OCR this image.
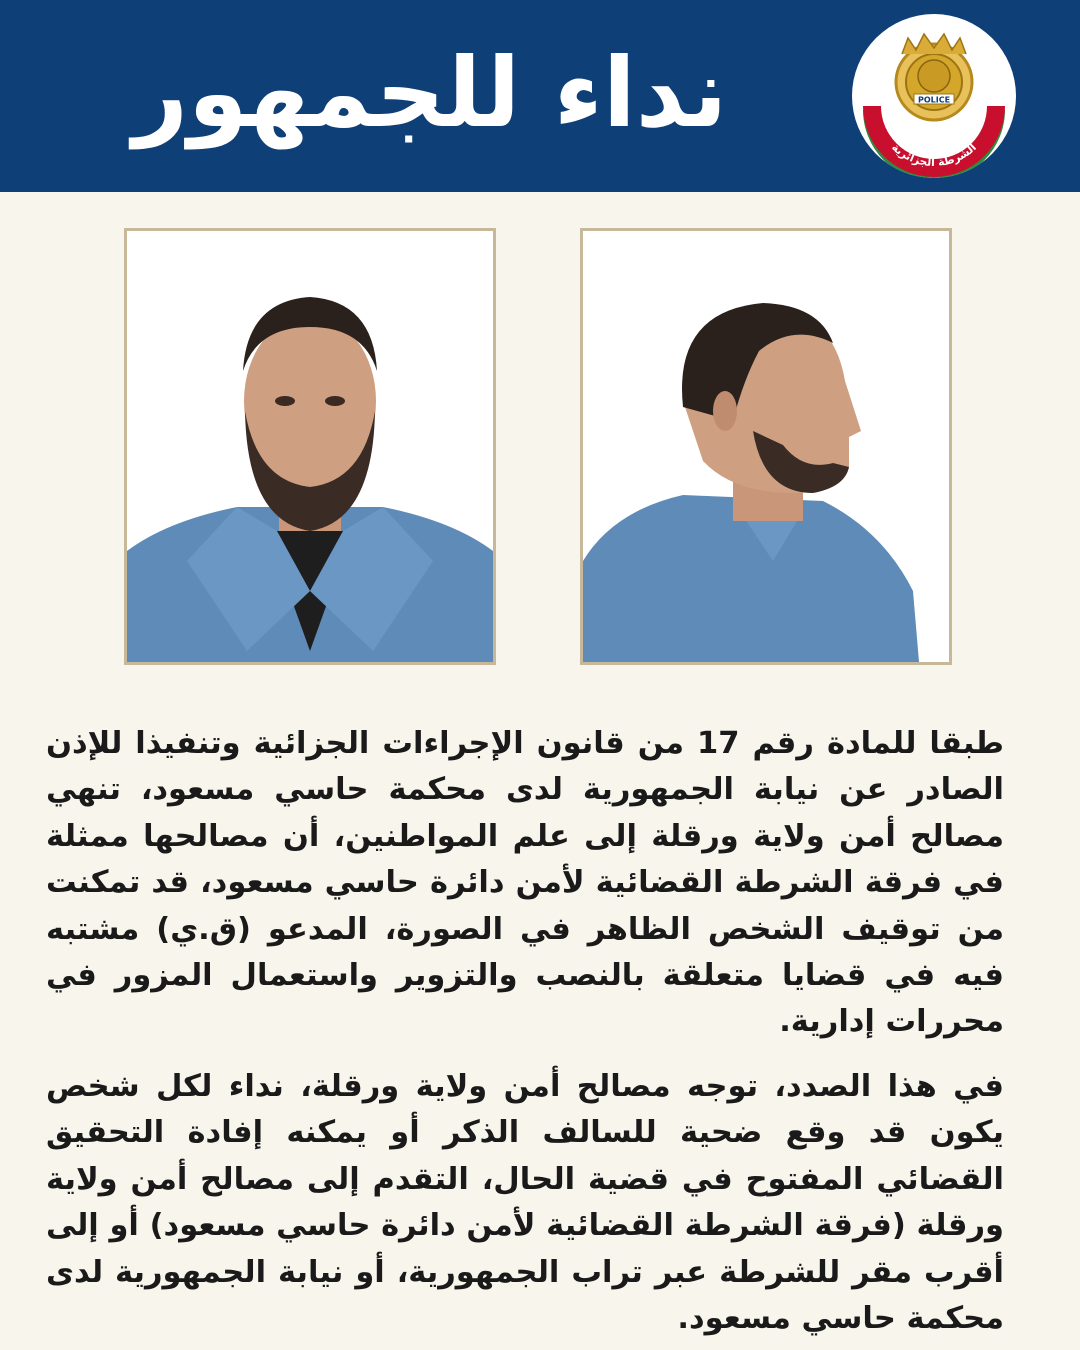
نداء للجمهور	الشرطة الجزائرية
POLICE

طبقا للمادة رقم 17 من قانون الإجراءات الجزائية وتنفيذا للإذن الصادر عن نيابة الجمهورية لدى محكمة حاسي مسعود، تنهي مصالح أمن ولاية ورقلة إلى علم المواطنين، أن مصالحها ممثلة في فرقة الشرطة القضائية لأمن دائرة حاسي مسعود، قد تمكنت من توقيف الشخص الظاهر في الصورة، المدعو (ق.ي) مشتبه فيه في قضايا متعلقة بالنصب والتزوير واستعمال المزور في محررات إدارية.

في هذا الصدد، توجه مصالح أمن ولاية ورقلة، نداء لكل شخص يكون قد وقع ضحية للسالف الذكر أو يمكنه إفادة التحقيق القضائي المفتوح في قضية الحال، التقدم إلى مصالح أمن ولاية ورقلة (فرقة الشرطة القضائية لأمن دائرة حاسي مسعود) أو إلى أقرب مقر للشرطة عبر تراب الجمهورية، أو نيابة الجمهورية لدى محكمة حاسي مسعود.
